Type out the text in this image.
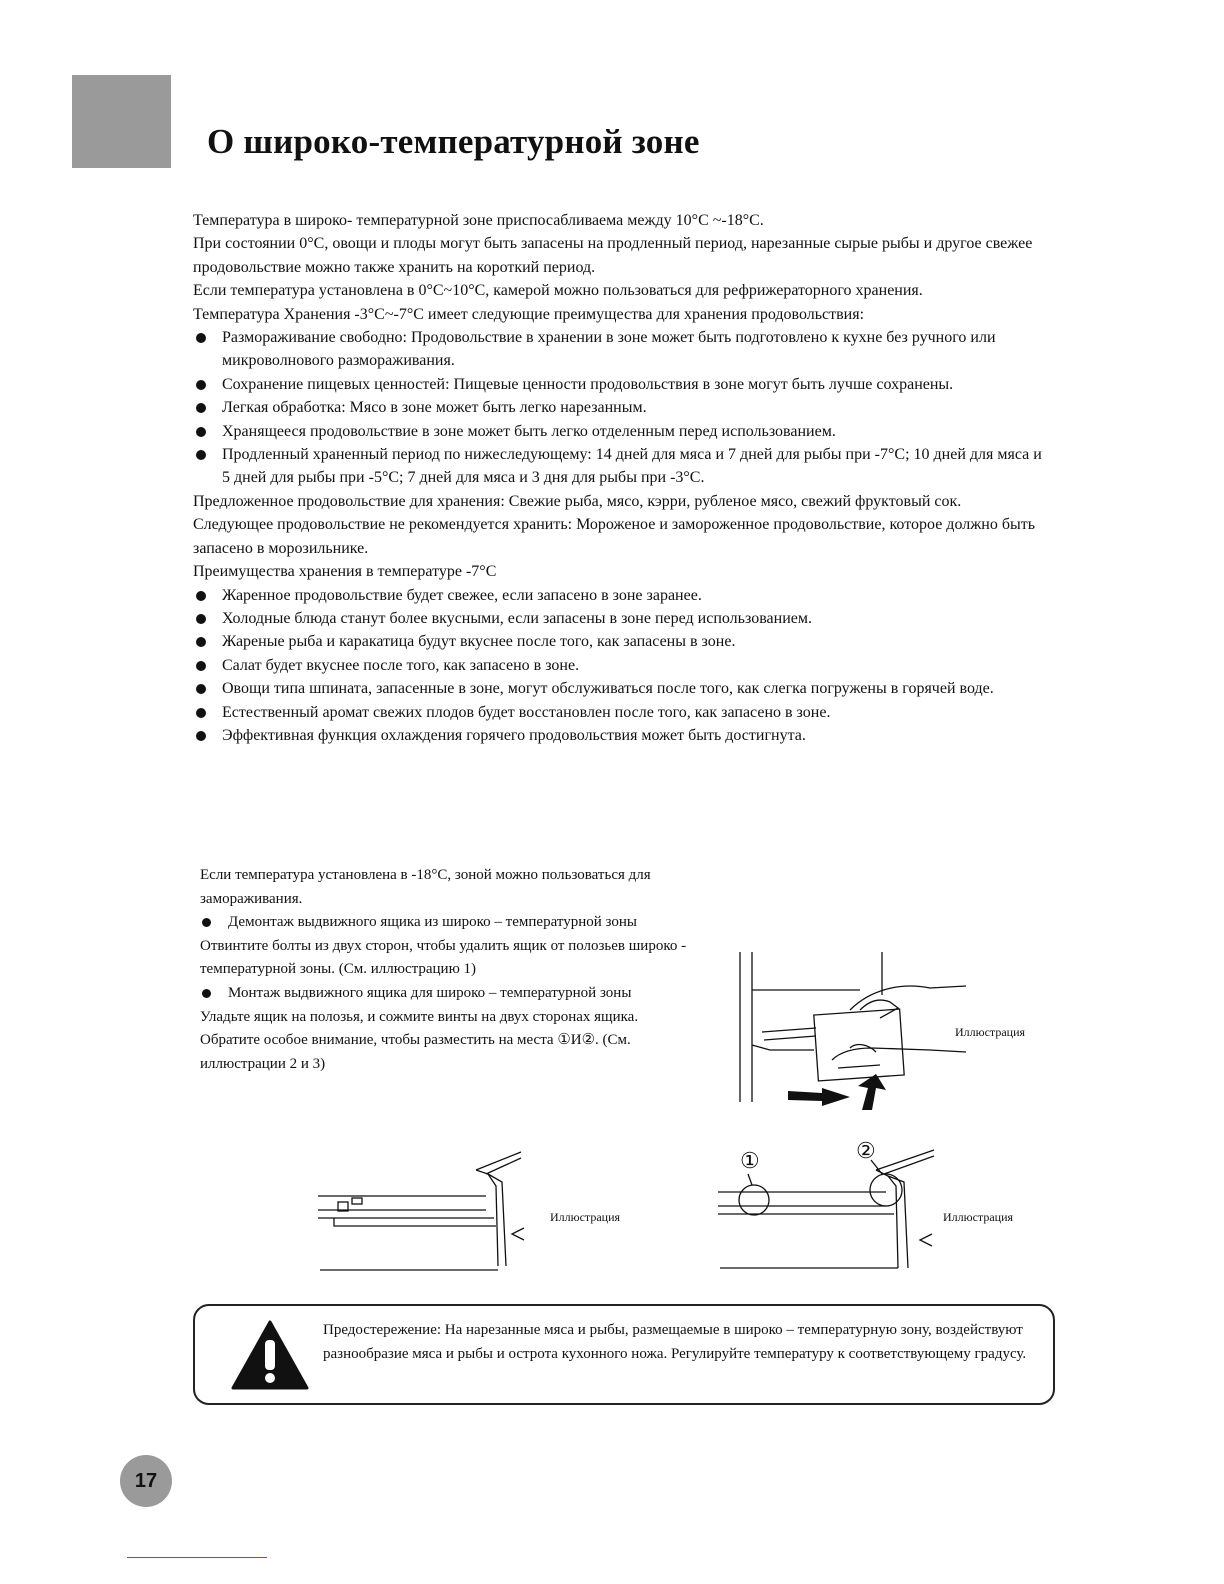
О широко-температурной зоне

Температура в широко- температурной зоне приспосабливаема между 10°C ~-18°C.

При состоянии 0°C, овощи и плоды могут быть запасены на продленный период, нарезанные сырые рыбы и другое свежее продовольствие можно также хранить на короткий период.

Если температура установлена в 0°C~10°C, камерой можно пользоваться для рефрижераторного хранения.

Температура Хранения -3°C~-7°C имеет следующие преимущества для хранения продовольствия:

Размораживание свободно: Продовольствие в хранении в зоне может быть подготовлено к кухне без ручного или микроволнового размораживания.
Сохранение пищевых ценностей: Пищевые ценности продовольствия в зоне могут быть лучше сохранены.
Легкая обработка: Мясо в зоне может быть легко нарезанным.
Хранящееся продовольствие в зоне может быть легко отделенным перед использованием.
Продленный храненный период по нижеследующему: 14 дней для мяса и 7 дней для рыбы при -7°C; 10 дней для мяса и 5 дней для рыбы при -5°C; 7 дней для мяса и 3 дня для рыбы при -3°C.

Предложенное продовольствие для хранения: Свежие рыба, мясо, кэрри, рубленое мясо, свежий фруктовый сок.

Следующее продовольствие не рекомендуется хранить: Мороженое и замороженное продовольствие, которое должно быть запасено в морозильнике.

Преимущества хранения в температуре -7°C

Жаренное продовольствие будет свежее, если запасено в зоне заранее.
Холодные блюда станут более вкусными, если запасены в зоне перед использованием.
Жареные рыба и каракатица будут вкуснее после того, как запасены в зоне.
Салат будет вкуснее после того, как запасено в зоне.
Овощи типа шпината, запасенные в зоне, могут обслуживаться после того, как слегка погружены в горячей воде.
Естественный аромат свежих плодов будет восстановлен после того, как запасено в зоне.
Эффективная функция охлаждения горячего продовольствия может быть достигнута.

Если температура установлена в -18°C, зоной можно пользоваться для замораживания.

Демонтаж выдвижного ящика из широко – температурной зоны

Отвинтите болты из двух сторон, чтобы удалить ящик от полозьев широко - температурной зоны. (См. иллюстрацию 1)

Монтаж выдвижного ящика для широко – температурной зоны

Уладьте ящик на полозья, и сожмите винты на двух сторонах ящика. Обратите особое внимание, чтобы разместить на места ①И②. (См. иллюстрации 2 и 3)

Иллюстрация
Иллюстрация
①	②
Иллюстрация
Предостережение: На нарезанные мяса и рыбы, размещаемые в широко – температурную зону, воздействуют разнообразие мяса и рыбы и острота кухонного ножа. Регулируйте температуру к соответствующему градусу.
17
